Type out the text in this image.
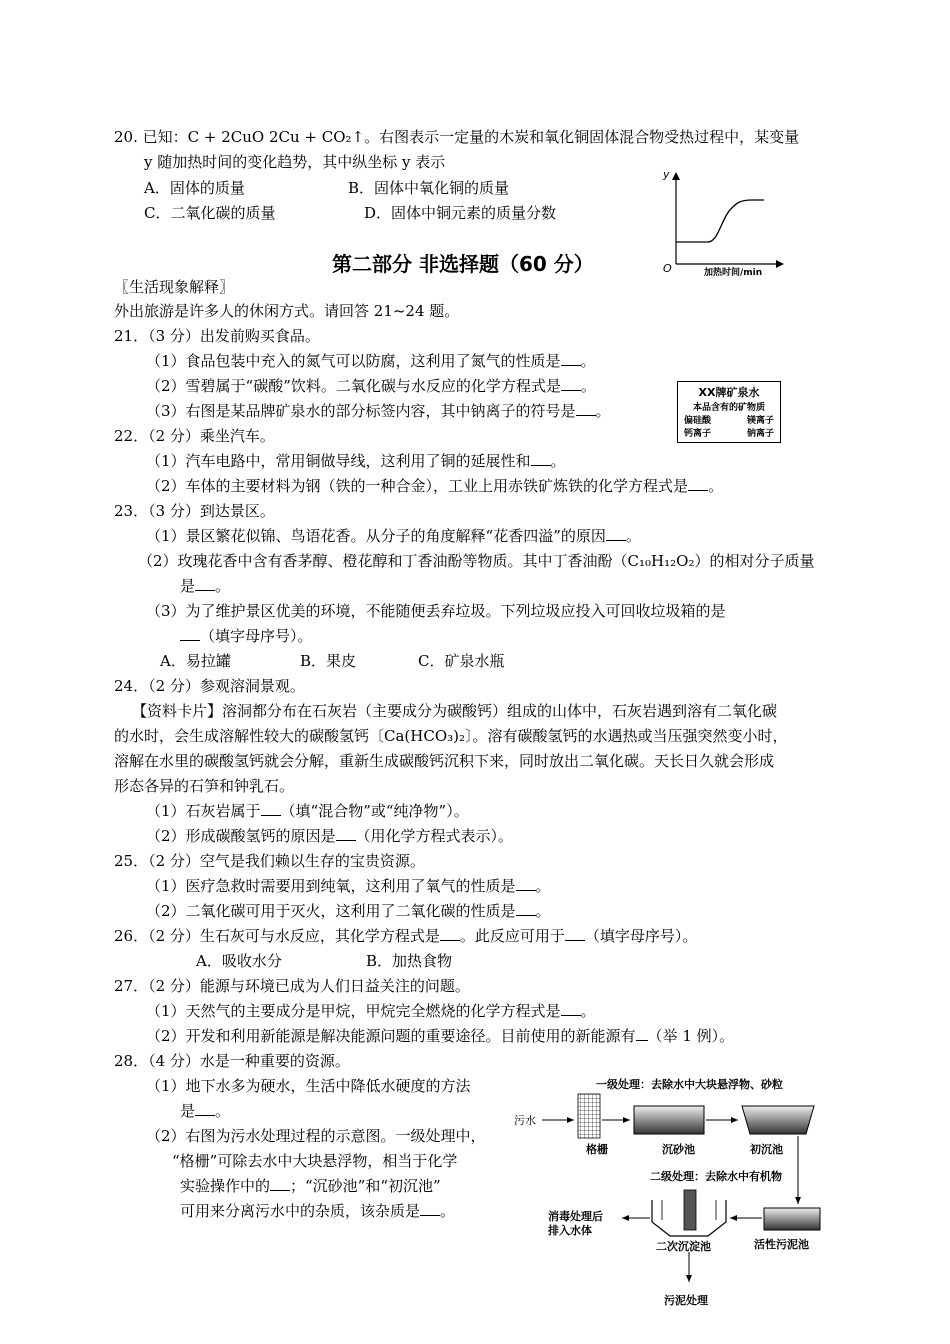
20. 已知：C + 2CuO 2Cu + CO₂↑。右图表示一定量的木炭和氧化铜固体混合物受热过程中，某变量
y 随加热时间的变化趋势，其中纵坐标 y 表示
A．固体的质量	B．固体中氧化铜的质量
C．二氧化碳的质量	D．固体中铜元素的质量分数
y
O	加热时间/min
第二部分 非选择题（60 分）
〖生活现象解释〗
外出旅游是许多人的休闲方式。请回答 21~24 题。
21．（3 分）出发前购买食品。
（1）食品包装中充入的氮气可以防腐，这利用了氮气的性质是 。
（2）雪碧属于“碳酸”饮料。二氧化碳与水反应的化学方程式是 。
（3）右图是某品牌矿泉水的部分标签内容，其中钠离子的符号是 。
XX牌矿泉水
本品含有的矿物质
偏硅酸	镁离子
钙离子	钠离子
22．（2 分）乘坐汽车。
（1）汽车电路中，常用铜做导线，这利用了铜的延展性和 。
（2）车体的主要材料为钢（铁的一种合金），工业上用赤铁矿炼铁的化学方程式是 。
23．（3 分）到达景区。
（1）景区繁花似锦、鸟语花香。从分子的角度解释“花香四溢”的原因 。
（2）玫瑰花香中含有香茅醇、橙花醇和丁香油酚等物质。其中丁香油酚（C₁₀H₁₂O₂）的相对分子质量
是 。
（3）为了维护景区优美的环境，不能随便丢弃垃圾。下列垃圾应投入可回收垃圾箱的是
（填字母序号）。
A．易拉罐	B．果皮	C．矿泉水瓶
24．（2 分）参观溶洞景观。
【资料卡片】溶洞都分布在石灰岩（主要成分为碳酸钙）组成的山体中，石灰岩遇到溶有二氧化碳
的水时，会生成溶解性较大的碳酸氢钙〔Ca(HCO₃)₂〕。溶有碳酸氢钙的水遇热或当压强突然变小时，
溶解在水里的碳酸氢钙就会分解，重新生成碳酸钙沉积下来，同时放出二氧化碳。天长日久就会形成
形态各异的石笋和钟乳石。
（1）石灰岩属于 （填“混合物”或“纯净物”）。
（2）形成碳酸氢钙的原因是 （用化学方程式表示）。
25．（2 分）空气是我们赖以生存的宝贵资源。
（1）医疗急救时需要用到纯氧，这利用了氧气的性质是 。
（2）二氧化碳可用于灭火，这利用了二氧化碳的性质是 。
26．（2 分）生石灰可与水反应，其化学方程式是 。此反应可用于 （填字母序号）。
A．吸收水分	B．加热食物
27．（2 分）能源与环境已成为人们日益关注的问题。
（1）天然气的主要成分是甲烷，甲烷完全燃烧的化学方程式是 。
（2）开发和利用新能源是解决能源问题的重要途径。目前使用的新能源有 （举 1 例）。
28．（4 分）水是一种重要的资源。
（1）地下水多为硬水，生活中降低水硬度的方法
是 。
（2）右图为污水处理过程的示意图。一级处理中，
“格栅”可除去水中大块悬浮物，相当于化学
实验操作中的 ；“沉砂池”和“初沉池”
可用来分离污水中的杂质，该杂质是 。
一级处理：去除水中大块悬浮物、砂粒
污水
格栅	沉砂池	初沉池
二级处理：去除水中有机物
消毒处理后
排入水体
二次沉淀池	活性污泥池
污泥处理
